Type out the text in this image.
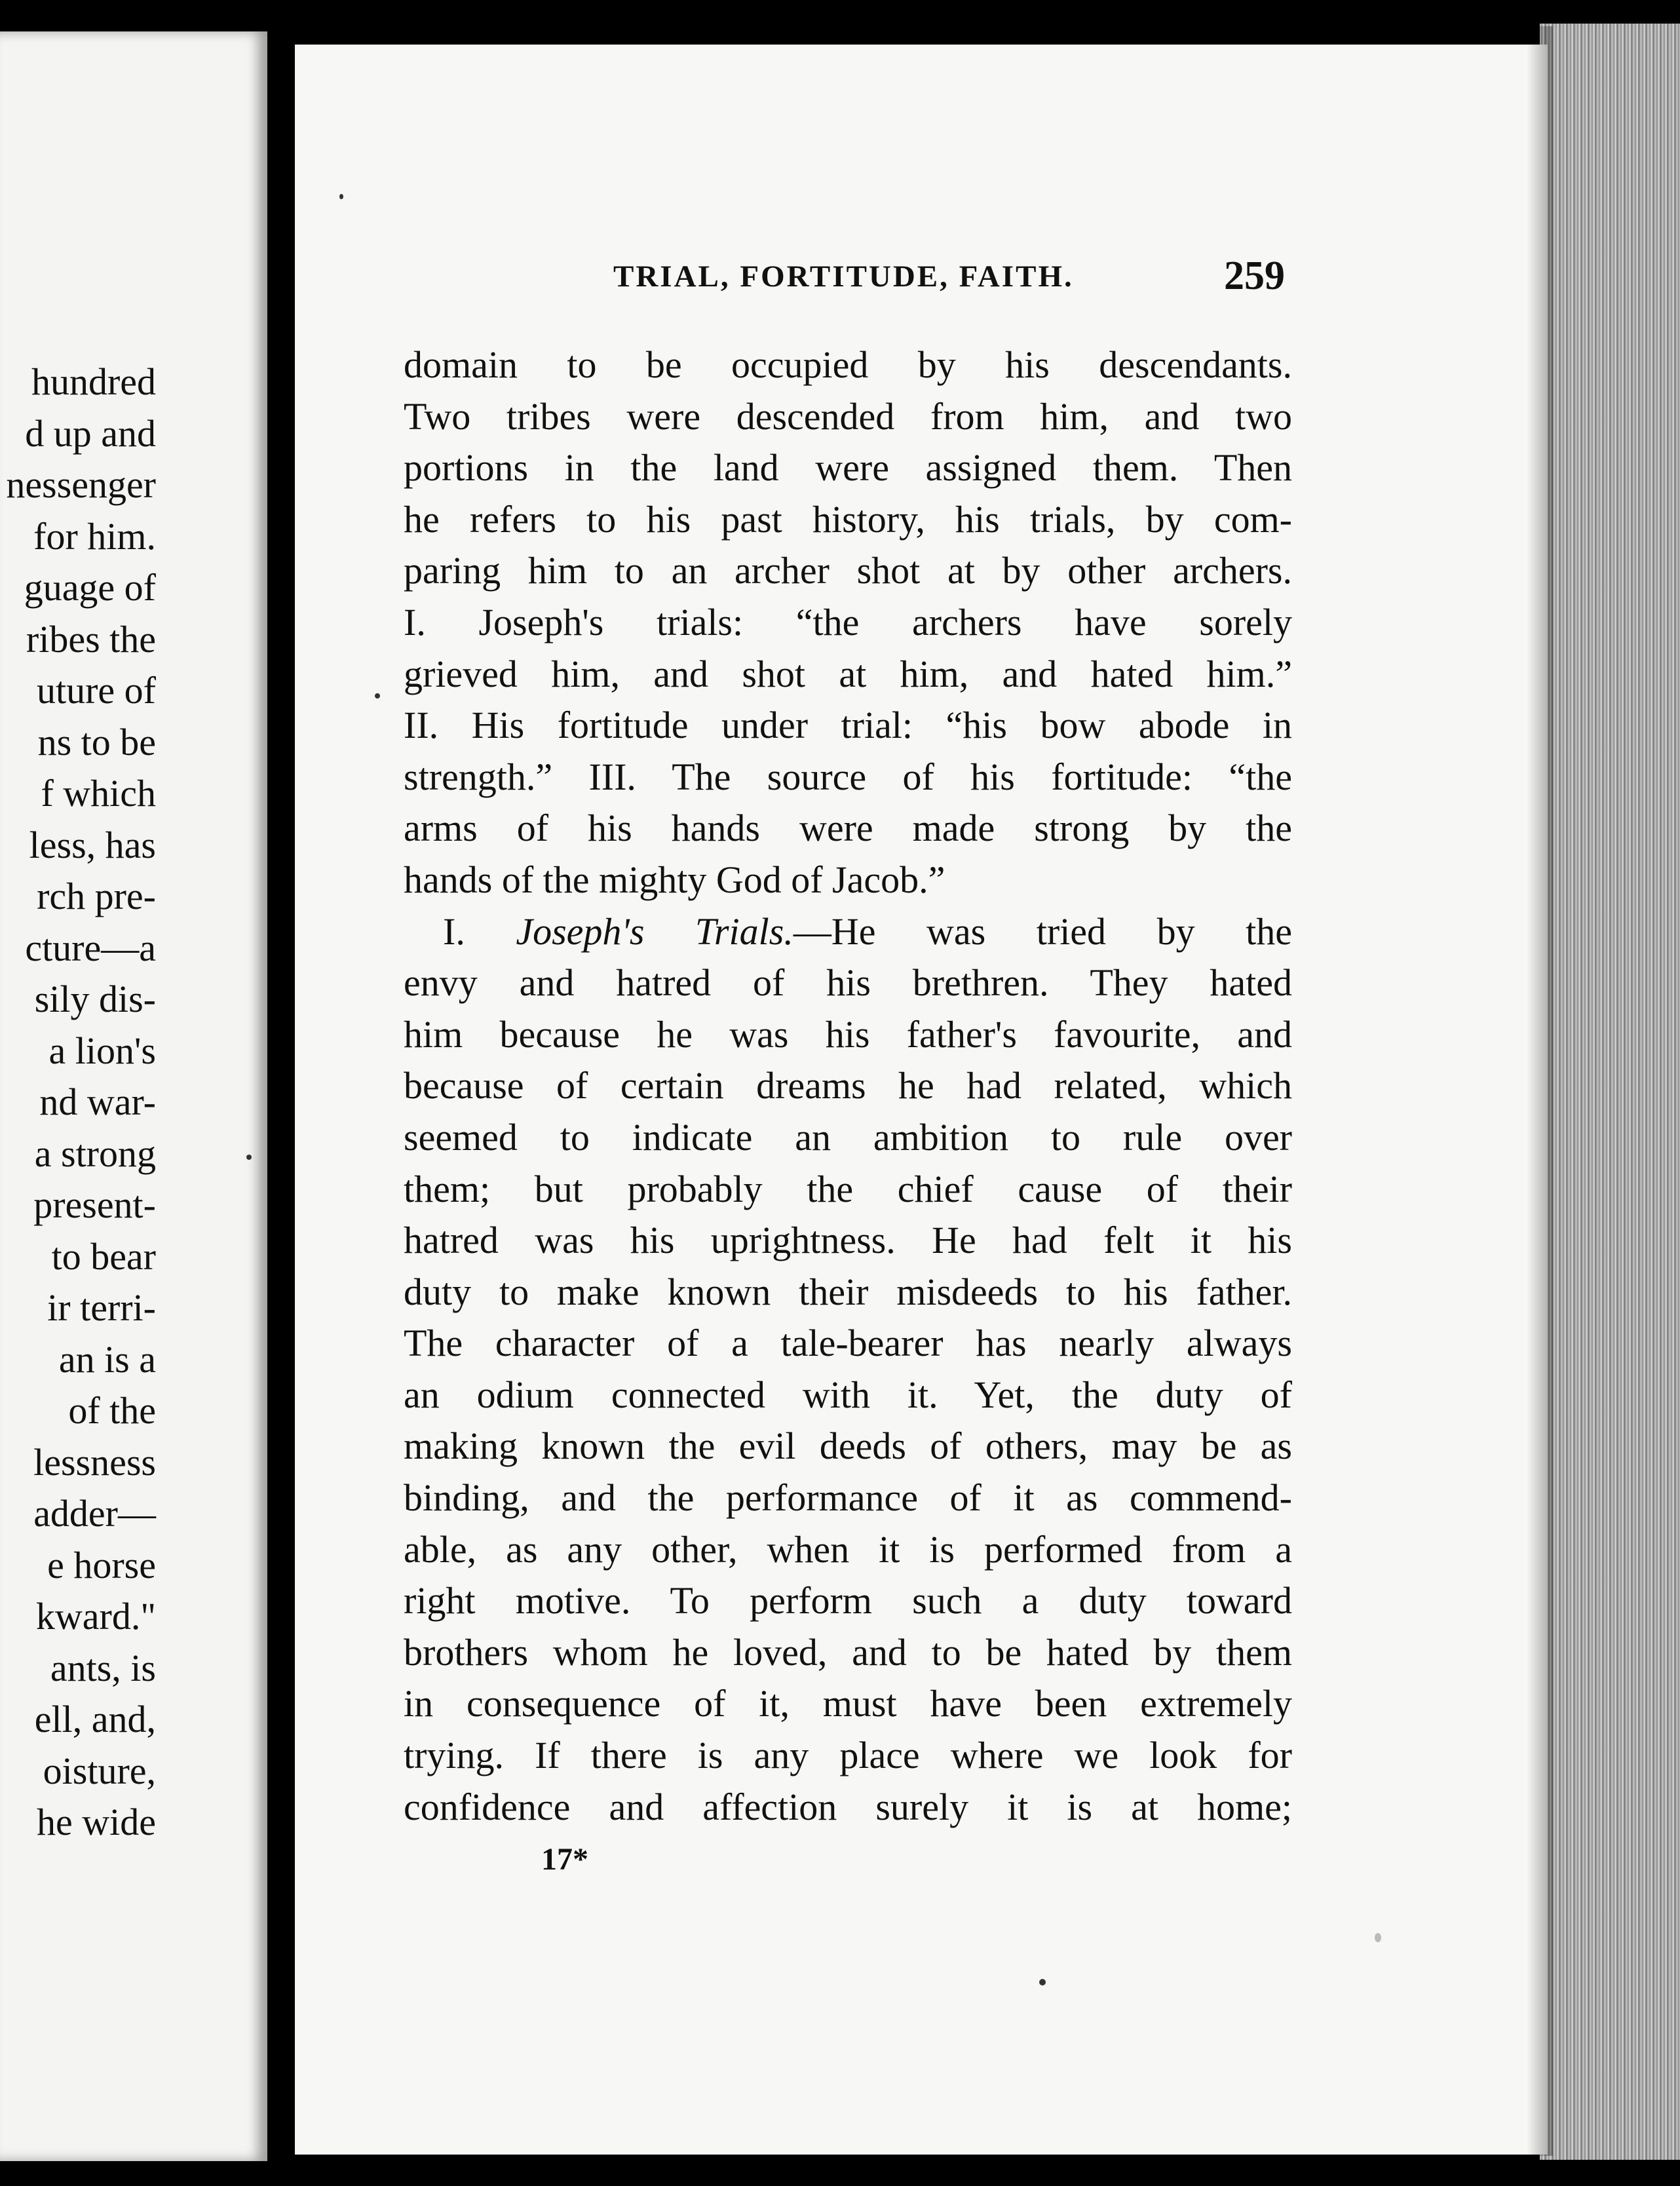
hundred
d up and
nessenger
for him.
guage of
ribes the
uture of
ns to be
f which
less, has
rch pre-
cture—a
sily dis-
a lion's
nd war-
a strong
present-
to bear
ir terri-
an is a
of the
lessness
adder—
e horse
kward."
ants, is
ell, and,
oisture,
he wide
TRIAL, FORTITUDE, FAITH.	259
domain to be occupied by his descendants.
Two tribes were descended from him, and two
portions in the land were assigned them. Then
he refers to his past history, his trials, by com-
paring him to an archer shot at by other archers.
I. Joseph's trials: “the archers have sorely
grieved him, and shot at him, and hated him.”
II. His fortitude under trial: “his bow abode in
strength.” III. The source of his fortitude: “the
arms of his hands were made strong by the
hands of the mighty God of Jacob.”
I. Joseph's Trials.—He was tried by the
envy and hatred of his brethren. They hated
him because he was his father's favourite, and
because of certain dreams he had related, which
seemed to indicate an ambition to rule over
them; but probably the chief cause of their
hatred was his uprightness. He had felt it his
duty to make known their misdeeds to his father.
The character of a tale-bearer has nearly always
an odium connected with it. Yet, the duty of
making known the evil deeds of others, may be as
binding, and the performance of it as commend-
able, as any other, when it is performed from a
right motive. To perform such a duty toward
brothers whom he loved, and to be hated by them
in consequence of it, must have been extremely
trying. If there is any place where we look for
confidence and affection surely it is at home;
17*
